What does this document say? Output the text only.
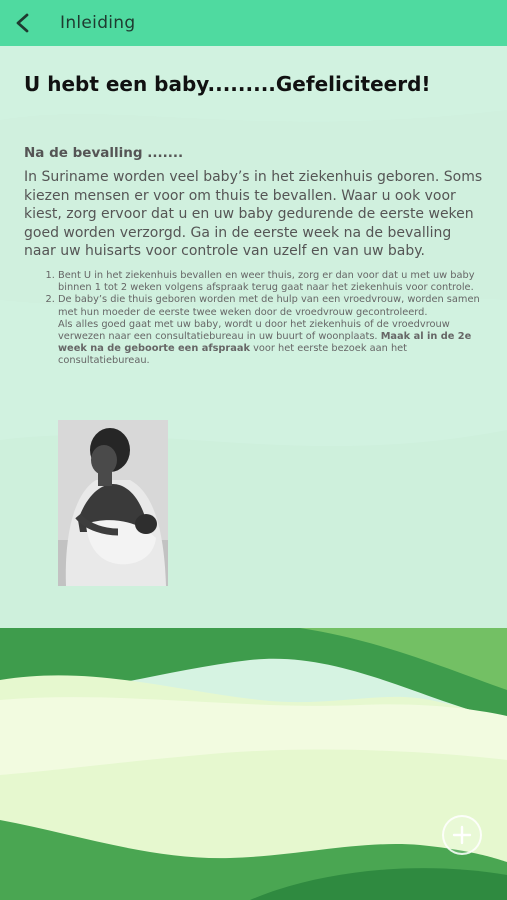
Inleiding
U hebt een baby.........Gefeliciteerd!
Na de bevalling .......

In Suriname worden veel baby’s in het ziekenhuis geboren. Soms kiezen mensen er voor om thuis te bevallen. Waar u ook voor kiest, zorg ervoor dat u en uw baby gedurende de eerste weken goed worden verzorgd. Ga in de eerste week na de bevalling naar uw huisarts voor controle van uzelf en van uw baby.

1. Bent U in het ziekenhuis bevallen en weer thuis, zorg er dan voor dat u met uw baby binnen 1 tot 2 weken volgens afspraak terug gaat naar het ziekenhuis voor controle.
2. De baby’s die thuis geboren worden met de hulp van een vroedvrouw, worden samen met hun moeder de eerste twee weken door de vroedvrouw gecontroleerd.
Als alles goed gaat met uw baby, wordt u door het ziekenhuis of de vroedvrouw verwezen naar een consultatiebureau in uw buurt of woonplaats. Maak al in de 2e week na de geboorte een afspraak voor het eerste bezoek aan het consultatiebureau.
